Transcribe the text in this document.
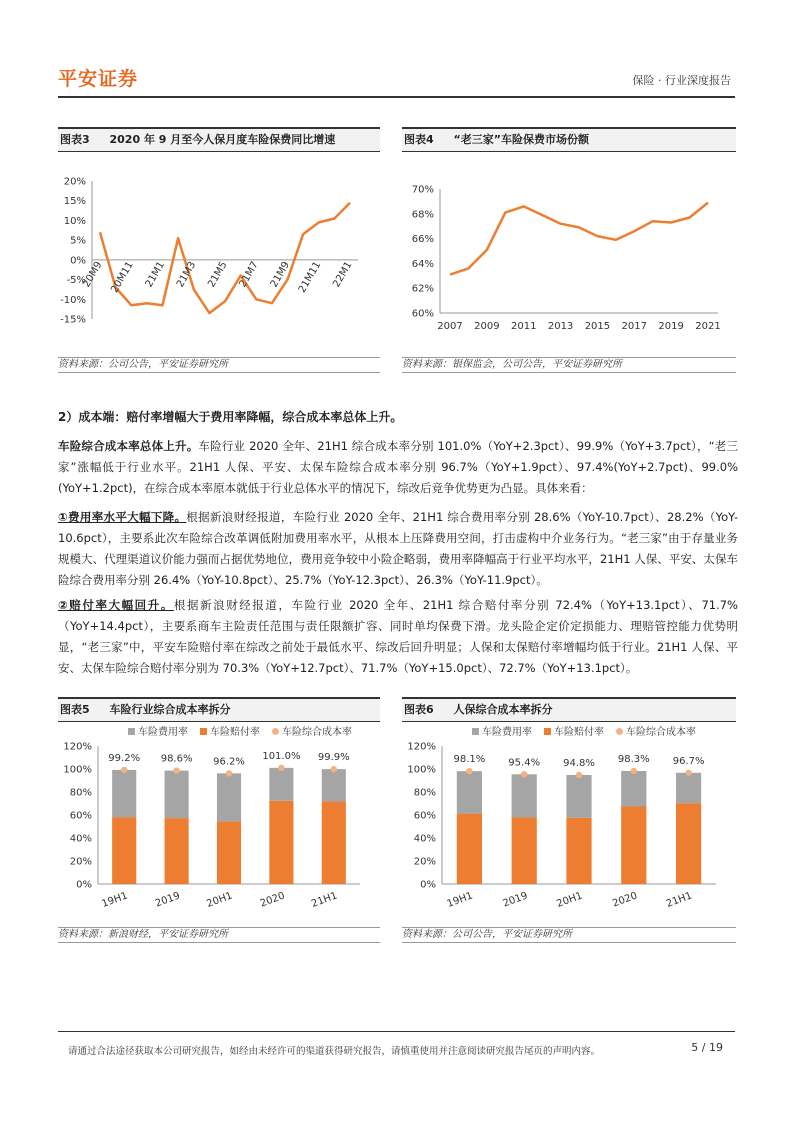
平安证券	保险 · 行业深度报告
图表3 2020 年 9 月至今人保月度车险保费同比增速
20%
15%
10%
5%
0%
-5%
-10%
-15%
20M9 20M11 21M1 21M3 21M5 21M7 21M9 21M11 22M1
资料来源：公司公告，平安证券研究所
图表4 “老三家”车险保费市场份额
70%
68%
66%
64%
62%
60%
2007 2009 2011 2013 2015 2017 2019 2021
资料来源：银保监会，公司公告，平安证券研究所
2）成本端：赔付率增幅大于费用率降幅，综合成本率总体上升。
车险综合成本率总体上升。车险行业 2020 全年、21H1 综合成本率分别 101.0%（YoY+2.3pct）、99.9%（YoY+3.7pct），“老三家”涨幅低于行业水平。21H1 人保、平安、太保车险综合成本率分别 96.7%（YoY+1.9pct）、97.4%(YoY+2.7pct)、99.0%(YoY+1.2pct)，在综合成本率原本就低于行业总体水平的情况下，综改后竞争优势更为凸显。具体来看：
①费用率水平大幅下降。根据新浪财经报道，车险行业 2020 全年、21H1 综合费用率分别 28.6%（YoY-10.7pct）、28.2%（YoY-10.6pct），主要系此次车险综合改革调低附加费用率水平，从根本上压降费用空间，打击虚构中介业务行为。“老三家”由于存量业务规模大、代理渠道议价能力强而占据优势地位，费用竞争较中小险企略弱，费用率降幅高于行业平均水平，21H1 人保、平安、太保车险综合费用率分别 26.4%（YoY-10.8pct）、25.7%（YoY-12.3pct）、26.3%（YoY-11.9pct）。
②赔付率大幅回升。根据新浪财经报道，车险行业 2020 全年、21H1 综合赔付率分别 72.4%（YoY+13.1pct）、71.7%（YoY+14.4pct），主要系商车主险责任范围与责任限额扩容、同时单均保费下滑。龙头险企定价定损能力、理赔管控能力优势明显，“老三家”中，平安车险赔付率在综改之前处于最低水平、综改后回升明显；人保和太保赔付率增幅均低于行业。21H1 人保、平安、太保车险综合赔付率分别为 70.3%（YoY+12.7pct）、71.7%（YoY+15.0pct）、72.7%（YoY+13.1pct）。
图表5 车险行业综合成本率拆分
车险费用率 车险赔付率 车险综合成本率
120%
100%
80%
60%
40%
20%
0%
99.2%
19H1
98.6%
2019
96.2%
20H1
101.0%
2020
99.9%
21H1
资料来源：新浪财经，平安证券研究所
图表6 人保综合成本率拆分
车险费用率 车险赔付率 车险综合成本率
120%
100%
80%
60%
40%
20%
0%
98.1%
19H1
95.4%
2019
94.8%
20H1
98.3%
2020
96.7%
21H1
资料来源：公司公告，平安证券研究所
请通过合法途径获取本公司研究报告，如经由未经许可的渠道获得研究报告，请慎重使用并注意阅读研究报告尾页的声明内容。	5 / 19
